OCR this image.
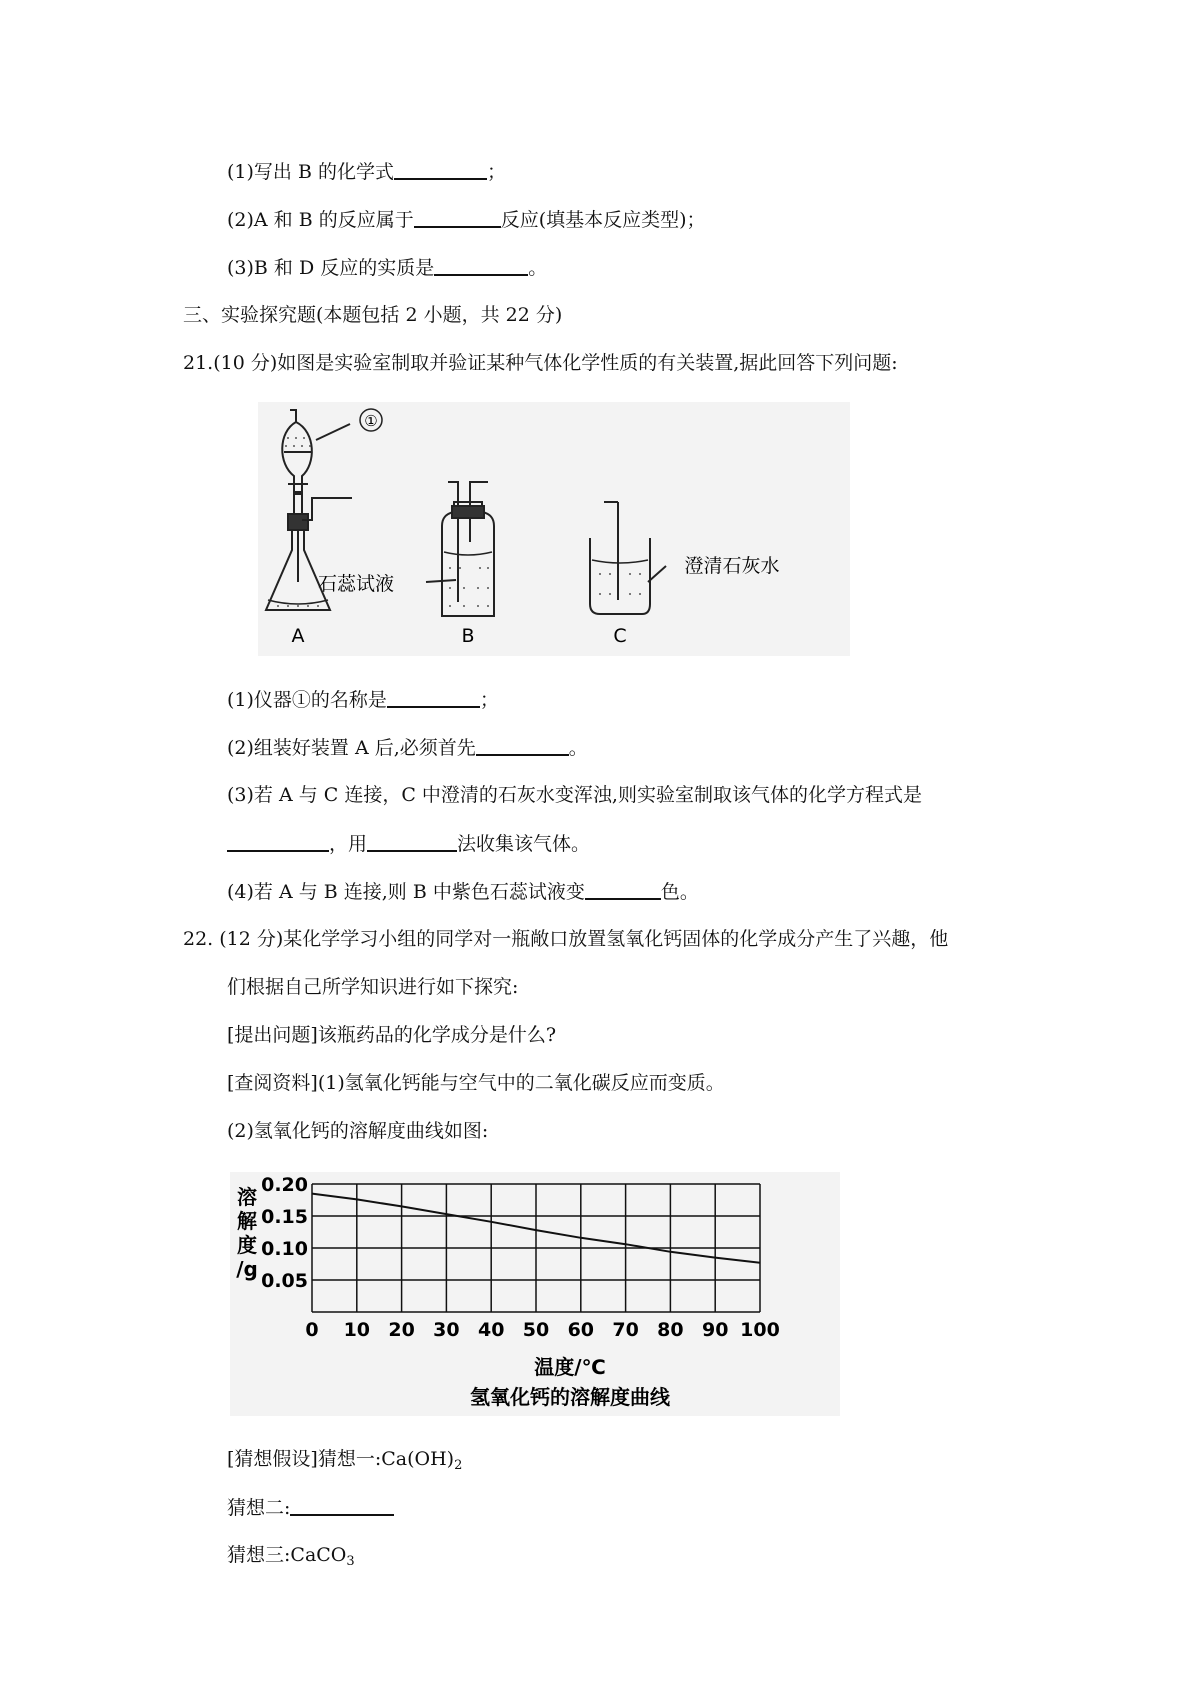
(1)写出 B 的化学式	；
(2)A 和 B 的反应属于	反应(填基本反应类型)；
(3)B 和 D 反应的实质是	。
三、实验探究题(本题包括 2 小题，共 22 分)
21.(10 分)如图是实验室制取并验证某种气体化学性质的有关装置,据此回答下列问题:
①
石蕊试液
澄清石灰水
A	B	C
(1)仪器①的名称是	；
(2)组装好装置 A 后,必须首先	。
(3)若 A 与 C 连接，C 中澄清的石灰水变浑浊,则实验室制取该气体的化学方程式是
，用	法收集该气体。
(4)若 A 与 B 连接,则 B 中紫色石蕊试液变	色。
22. (12 分)某化学学习小组的同学对一瓶敞口放置氢氧化钙固体的化学成分产生了兴趣，他
们根据自己所学知识进行如下探究:
[提出问题]该瓶药品的化学成分是什么?
[查阅资料](1)氢氧化钙能与空气中的二氧化碳反应而变质。
(2)氢氧化钙的溶解度曲线如图:
0 10 20 30 40 50 60 70 80 90 100
0.05
0.10
0.15
0.20
溶
解
度
/g
温度/℃
氢氧化钙的溶解度曲线
[猜想假设]猜想一$:Ca(OH)_2$
猜想二:
猜想三:CaCO$_3$
